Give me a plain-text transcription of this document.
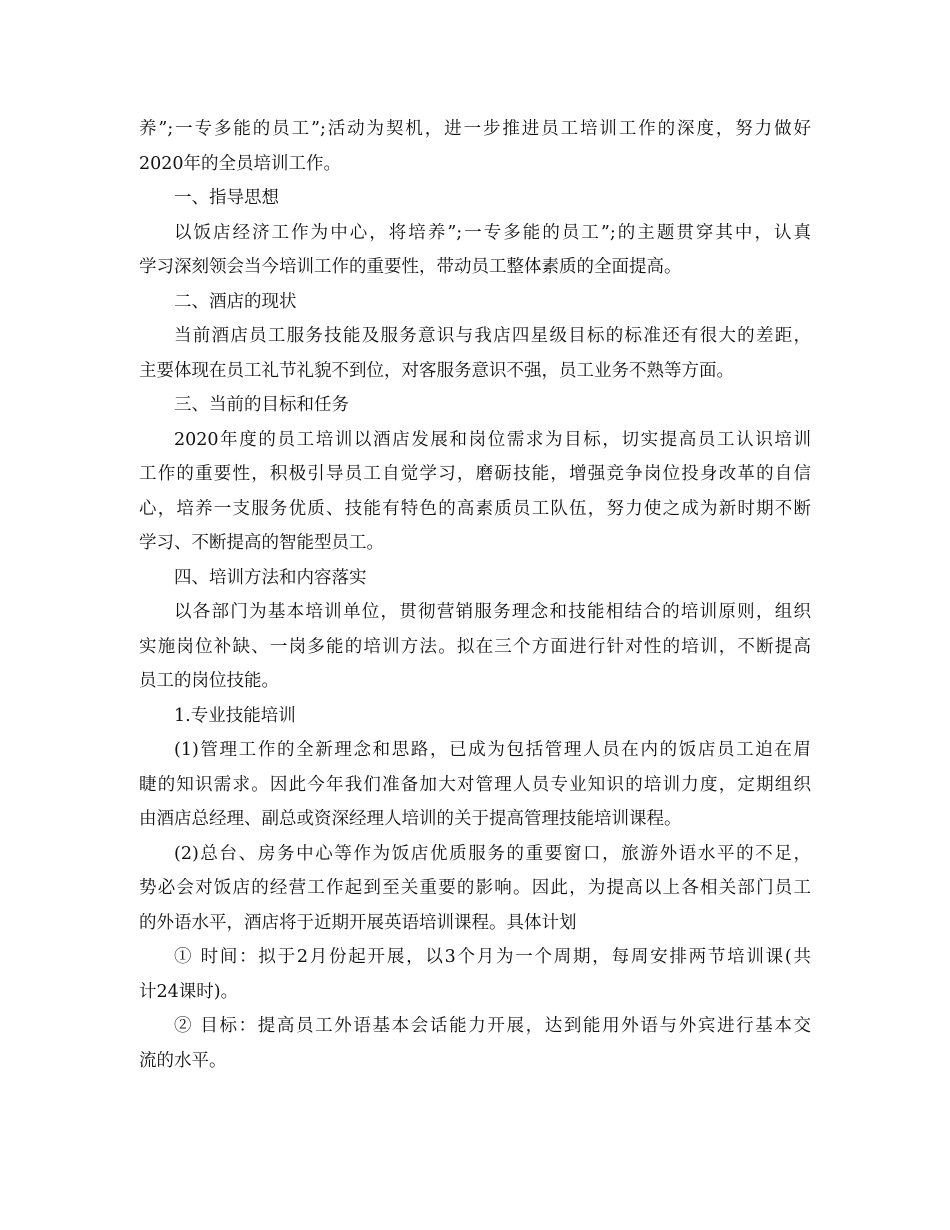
养”;一专多能的员工”;活动为契机，进一步推进员工培训工作的深度，努力做好
2020年的全员培训工作。
一、指导思想
以饭店经济工作为中心，将培养”;一专多能的员工”;的主题贯穿其中，认真
学习深刻领会当今培训工作的重要性，带动员工整体素质的全面提高。
二、酒店的现状
当前酒店员工服务技能及服务意识与我店四星级目标的标准还有很大的差距，
主要体现在员工礼节礼貌不到位，对客服务意识不强，员工业务不熟等方面。
三、当前的目标和任务
2020年度的员工培训以酒店发展和岗位需求为目标，切实提高员工认识培训
工作的重要性，积极引导员工自觉学习，磨砺技能，增强竞争岗位投身改革的自信
心，培养一支服务优质、技能有特色的高素质员工队伍，努力使之成为新时期不断
学习、不断提高的智能型员工。
四、培训方法和内容落实
以各部门为基本培训单位，贯彻营销服务理念和技能相结合的培训原则，组织
实施岗位补缺、一岗多能的培训方法。拟在三个方面进行针对性的培训，不断提高
员工的岗位技能。
1.专业技能培训
(1)管理工作的全新理念和思路，已成为包括管理人员在内的饭店员工迫在眉
睫的知识需求。因此今年我们准备加大对管理人员专业知识的培训力度，定期组织
由酒店总经理、副总或资深经理人培训的关于提高管理技能培训课程。
(2)总台、房务中心等作为饭店优质服务的重要窗口，旅游外语水平的不足，
势必会对饭店的经营工作起到至关重要的影响。因此，为提高以上各相关部门员工
的外语水平，酒店将于近期开展英语培训课程。具体计划
① 时间：拟于2月份起开展，以3个月为一个周期，每周安排两节培训课(共
计24课时)。
② 目标：提高员工外语基本会话能力开展，达到能用外语与外宾进行基本交
流的水平。
